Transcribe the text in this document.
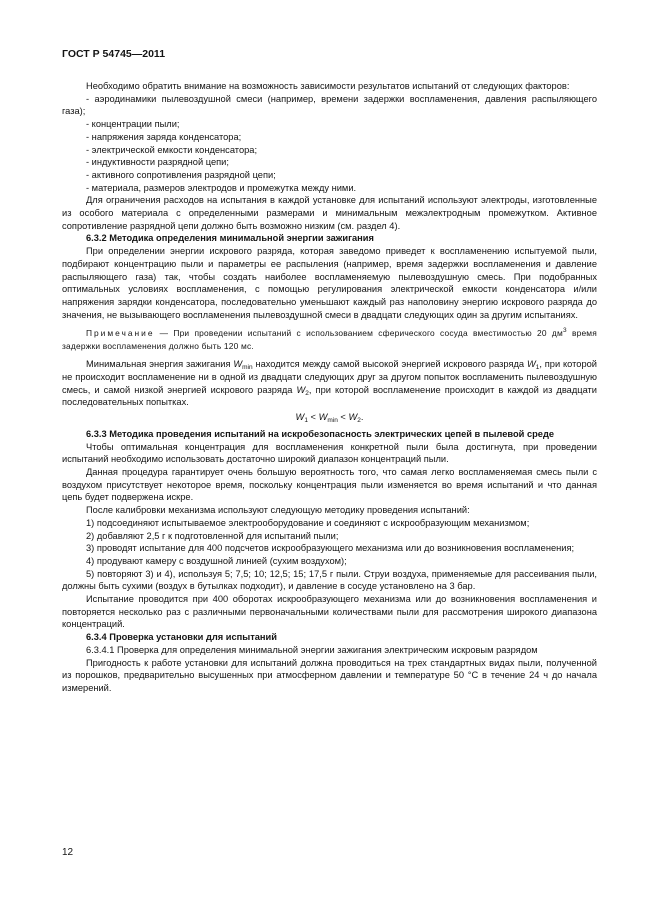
ГОСТ Р 54745—2011

Необходимо обратить внимание на возможность зависимости результатов испытаний от следующих факторов:

- аэродинамики пылевоздушной смеси (например, времени задержки воспламенения, давления распыляющего газа);

- концентрации пыли;

- напряжения заряда конденсатора;

- электрической емкости конденсатора;

- индуктивности разрядной цепи;

- активного сопротивления разрядной цепи;

- материала, размеров электродов и промежутка между ними.

Для ограничения расходов на испытания в каждой установке для испытаний используют электроды, изготовленные из особого материала с определенными размерами и минимальным межэлектродным промежутком. Активное сопротивление разрядной цепи должно быть возможно низким (см. раздел 4).

6.3.2 Методика определения минимальной энергии зажигания

При определении энергии искрового разряда, которая заведомо приведет к воспламенению испытуемой пыли, подбирают концентрацию пыли и параметры ее распыления (например, время задержки воспламенения и давление распыляющего газа) так, чтобы создать наиболее воспламеняемую пылевоздушную смесь. При подобранных оптимальных условиях воспламенения, с помощью регулирования электрической емкости конденсатора и/или напряжения зарядки конденсатора, последовательно уменьшают каждый раз наполовину энергию искрового разряда до значения, не вызывающего воспламенения пылевоздушной смеси в двадцати следующих один за другим испытаниях.

Примечание — При проведении испытаний с использованием сферического сосуда вместимостью 20 $дм^3$ время задержки воспламенения должно быть 120 мс.

Минимальная энергия зажигания $W_{min}$ находится между самой высокой энергией искрового разряда $W_1$, при которой не происходит воспламенение ни в одной из двадцати следующих друг за другом попыток воспламенить пылевоздушную смесь, и самой низкой энергией искрового разряда $W_2$, при которой воспламенение происходит в каждой из двадцати последовательных попытках.

$W_1 < W_{min} < W_2$.

6.3.3 Методика проведения испытаний на искробезопасность электрических цепей в пылевой среде

Чтобы оптимальная концентрация для воспламенения конкретной пыли была достигнута, при проведении испытаний необходимо использовать достаточно широкий диапазон концентраций пыли.

Данная процедура гарантирует очень большую вероятность того, что самая легко воспламеняемая смесь пыли с воздухом присутствует некоторое время, поскольку концентрация пыли изменяется во время испытаний и что данная цепь будет подвержена искре.

После калибровки механизма используют следующую методику проведения испытаний:

1) подсоединяют испытываемое электрооборудование и соединяют с искрообразующим механизмом;

2) добавляют 2,5 г к подготовленной для испытаний пыли;

3) проводят испытание для 400 подсчетов искрообразующего механизма или до возникновения воспламенения;

4) продувают камеру с воздушной линией (сухим воздухом);

5) повторяют 3) и 4), используя 5; 7,5; 10; 12,5; 15; 17,5 г пыли. Струи воздуха, применяемые для рассеивания пыли, должны быть сухими (воздух в бутылках подходит), и давление в сосуде установлено на 3 бар.

Испытание проводится при 400 оборотах искрообразующего механизма или до возникновения воспламенения и повторяется несколько раз с различными первоначальными количествами пыли для рассмотрения широкого диапазона концентраций.

6.3.4 Проверка установки для испытаний

6.3.4.1 Проверка для определения минимальной энергии зажигания электрическим искровым разрядом

Пригодность к работе установки для испытаний должна проводиться на трех стандартных видах пыли, полученной из порошков, предварительно высушенных при атмосферном давлении и температуре 50 °С в течение 24 ч до начала измерений.

12
